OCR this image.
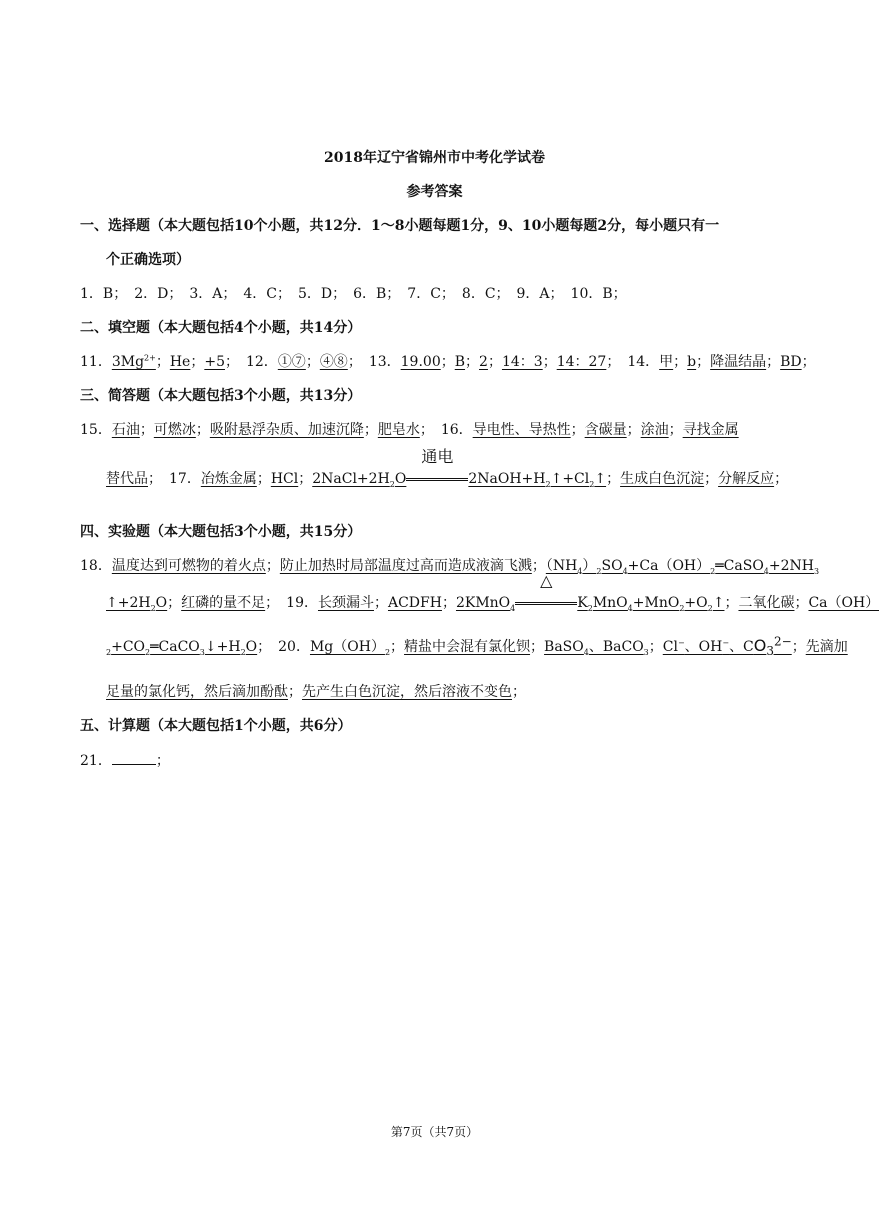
2018年辽宁省锦州市中考化学试卷
参考答案
一、选择题（本大题包括10个小题，共12分．1～8小题每题1分，9、10小题每题2分，每小题只有一
个正确选项）
1．B；　2．D；　3．A；　4．C；　5．D；　6．B；　7．C；　8．C；　9．A；　10．B；
二、填空题（本大题包括4个小题，共14分）
11．$3Mg^{2+}$；He；+5；　12．①⑦；④⑧；　13．19.00；B；2；14：3；14：27；　14．甲；b；降温结晶；BD；
三、简答题（本大题包括3个小题，共13分）
15．石油；可燃冰；吸附悬浮杂质、加速沉降；肥皂水；　16．导电性、导热性；含碳量；涂油；寻找金属
替代品；　17．冶炼金属；HCl；$2NaCl+2H_2O$
通电
$2NaOH+H_2↑+Cl_2↑$；生成白色沉淀；分解反应；
四、实验题（本大题包括3个小题，共15分）
18．温度达到可燃物的着火点；防止加热时局部温度过高而造成液滴飞溅；$(NH_4)_2SO_4+Ca(OH)_2═CaSO_4+2NH_3$
$↑+2H_2O$；红磷的量不足；　19．长颈漏斗；ACDFH；2KMnO$_4$
△
$K_2MnO_4+MnO_2+O_2↑$；二氧化碳；Ca（OH）
$_2+CO_2═CaCO_3↓+H_2O$；　20．$Mg(OH)_2$；精盐中会混有氯化钡；BaSO$_4$、BaCO$_3$；Cl−、OH−、$CO_3^{2-}$；先滴加
足量的氯化钙，然后滴加酚酞；先产生白色沉淀，然后溶液不变色；
五、计算题（本大题包括1个小题，共6分）
21．	；
第7页（共7页）
